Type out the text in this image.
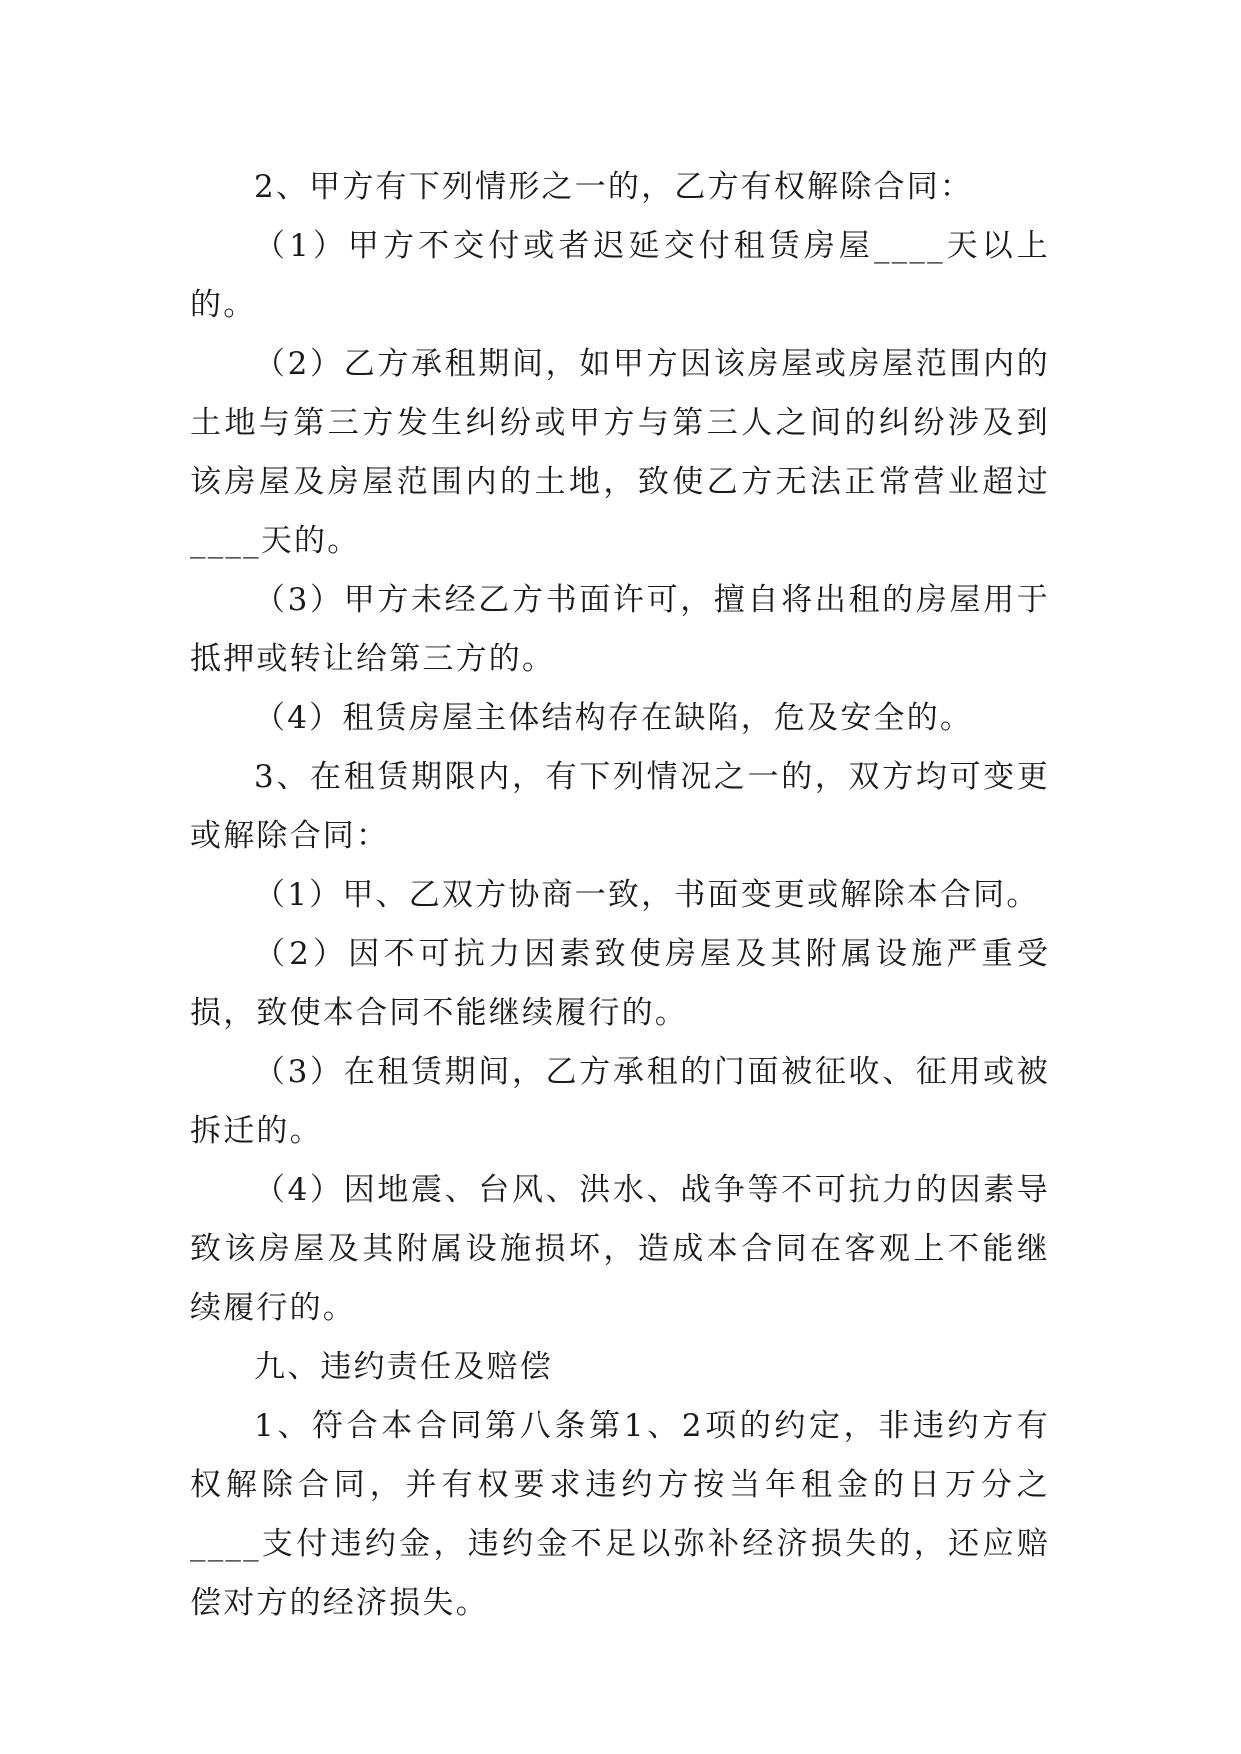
2、甲方有下列情形之一的，乙方有权解除合同：

（1）甲方不交付或者迟延交付租赁房屋____天以上的。

（2）乙方承租期间，如甲方因该房屋或房屋范围内的土地与第三方发生纠纷或甲方与第三人之间的纠纷涉及到该房屋及房屋范围内的土地，致使乙方无法正常营业超过____天的。

（3）甲方未经乙方书面许可，擅自将出租的房屋用于抵押或转让给第三方的。

（4）租赁房屋主体结构存在缺陷，危及安全的。

3、在租赁期限内，有下列情况之一的，双方均可变更或解除合同：

（1）甲、乙双方协商一致，书面变更或解除本合同。

（2）因不可抗力因素致使房屋及其附属设施严重受损，致使本合同不能继续履行的。

（3）在租赁期间，乙方承租的门面被征收、征用或被拆迁的。

（4）因地震、台风、洪水、战争等不可抗力的因素导致该房屋及其附属设施损坏，造成本合同在客观上不能继续履行的。

九、违约责任及赔偿

1、符合本合同第八条第1、2项的约定，非违约方有权解除合同，并有权要求违约方按当年租金的日万分之____支付违约金，违约金不足以弥补经济损失的，还应赔偿对方的经济损失。
